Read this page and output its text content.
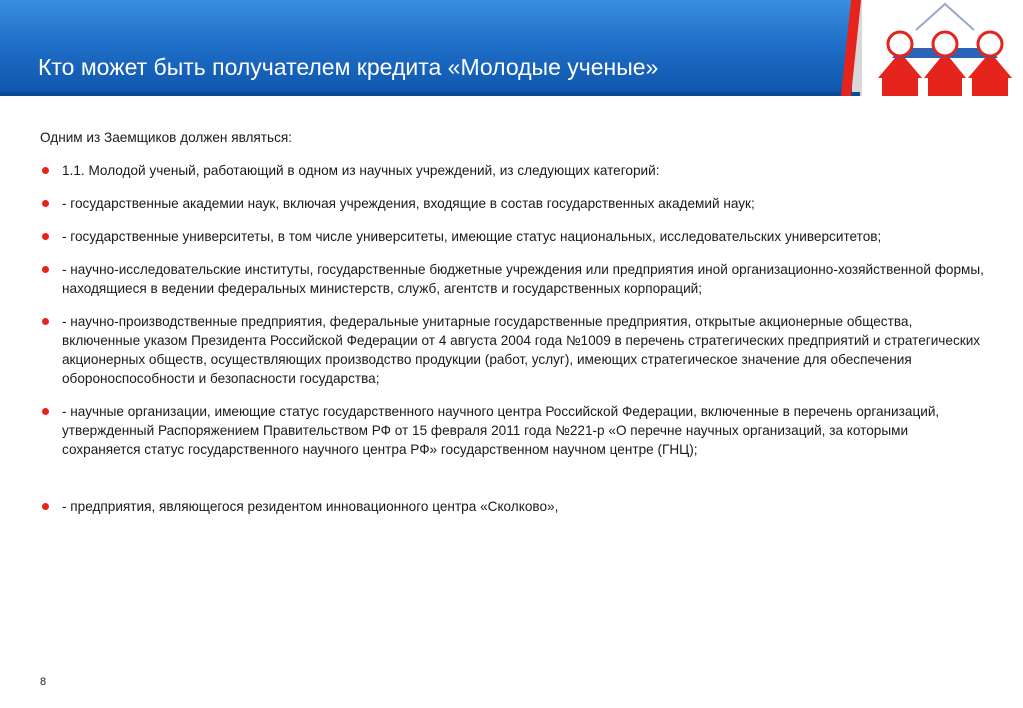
Кто может быть получателем кредита «Молодые ученые»
Одним из Заемщиков должен являться:
1.1. Молодой ученый, работающий в одном из научных учреждений, из следующих категорий:
- государственные академии наук, включая учреждения, входящие в состав государственных академий наук;
- государственные университеты, в том числе университеты, имеющие статус национальных, исследовательских университетов;
- научно-исследовательские институты, государственные бюджетные учреждения или предприятия иной организационно-хозяйственной формы, находящиеся в ведении федеральных министерств, служб, агентств и государственных корпораций;
- научно-производственные предприятия, федеральные унитарные государственные предприятия, открытые акционерные общества, включенные указом Президента Российской Федерации от 4 августа 2004 года №1009 в перечень стратегических предприятий и стратегических акционерных обществ, осуществляющих производство продукции (работ, услуг), имеющих стратегическое значение для обеспечения обороноспособности и безопасности государства;
- научные организации, имеющие статус государственного научного центра Российской Федерации, включенные в перечень организаций, утвержденный Распоряжением Правительством РФ от 15 февраля 2011 года №221-р «О перечне научных организаций, за которыми сохраняется статус государственного научного центра РФ» государственном научном центре (ГНЦ);
- предприятия, являющегося резидентом инновационного центра «Сколково»,
8
